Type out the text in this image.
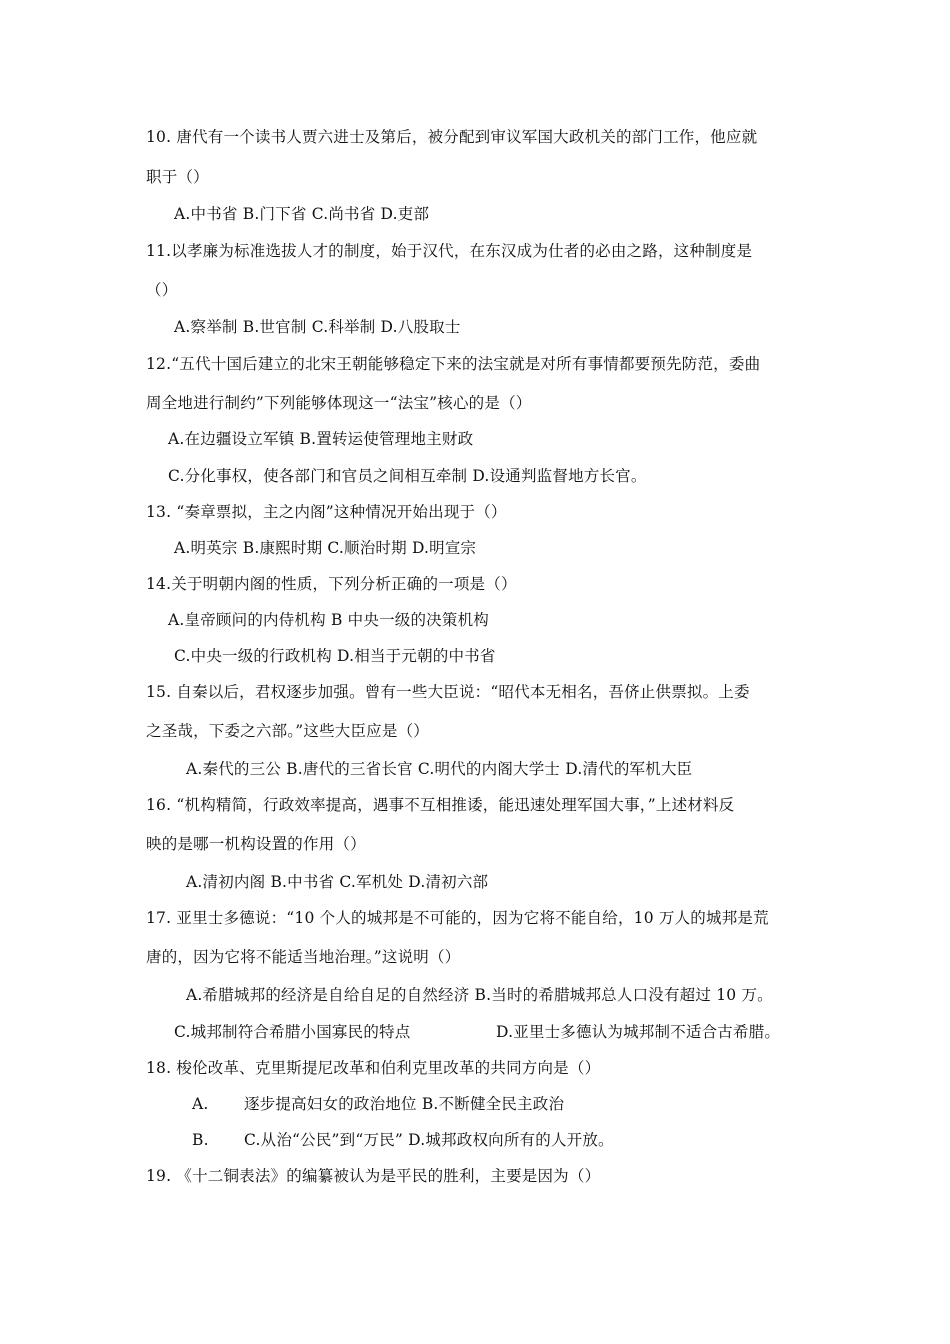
10. 唐代有一个读书人贾六进士及第后，被分配到审议军国大政机关的部门工作，他应就
职于（）
A.中书省 B.门下省 C.尚书省 D.吏部
11.以孝廉为标准选拔人才的制度，始于汉代，在东汉成为仕者的必由之路，这种制度是
（）
A.察举制 B.世官制 C.科举制 D.八股取士
12.“五代十国后建立的北宋王朝能够稳定下来的法宝就是对所有事情都要预先防范，委曲
周全地进行制约”下列能够体现这一“法宝”核心的是（）
A.在边疆设立军镇 B.置转运使管理地主财政
C.分化事权，使各部门和官员之间相互牵制 D.设通判监督地方长官。
13. “奏章票拟，主之内阁”这种情况开始出现于（）
A.明英宗 B.康熙时期 C.顺治时期 D.明宣宗
14.关于明朝内阁的性质，下列分析正确的一项是（）
A.皇帝顾问的内侍机构 B 中央一级的决策机构
C.中央一级的行政机构 D.相当于元朝的中书省
15. 自秦以后，君权逐步加强。曾有一些大臣说：“昭代本无相名，吾侪止供票拟。上委
之圣哉，下委之六部。”这些大臣应是（）
A.秦代的三公 B.唐代的三省长官 C.明代的内阁大学士 D.清代的军机大臣
16. “机构精简，行政效率提高，遇事不互相推诿，能迅速处理军国大事，”上述材料反
映的是哪一机构设置的作用（）
A.清初内阁 B.中书省 C.军机处 D.清初六部
17. 亚里士多德说：“10 个人的城邦是不可能的，因为它将不能自给，10 万人的城邦是荒
唐的，因为它将不能适当地治理。”这说明（）
A.希腊城邦的经济是自给自足的自然经济 B.当时的希腊城邦总人口没有超过 10 万。
C.城邦制符合希腊小国寡民的特点	D.亚里士多德认为城邦制不适合古希腊。
18. 梭伦改革、克里斯提尼改革和伯利克里改革的共同方向是（）
A. 逐步提高妇女的政治地位 B.不断健全民主政治
B. C.从治“公民”到“万民” D.城邦政权向所有的人开放。
19. 《十二铜表法》的编纂被认为是平民的胜利，主要是因为（）
